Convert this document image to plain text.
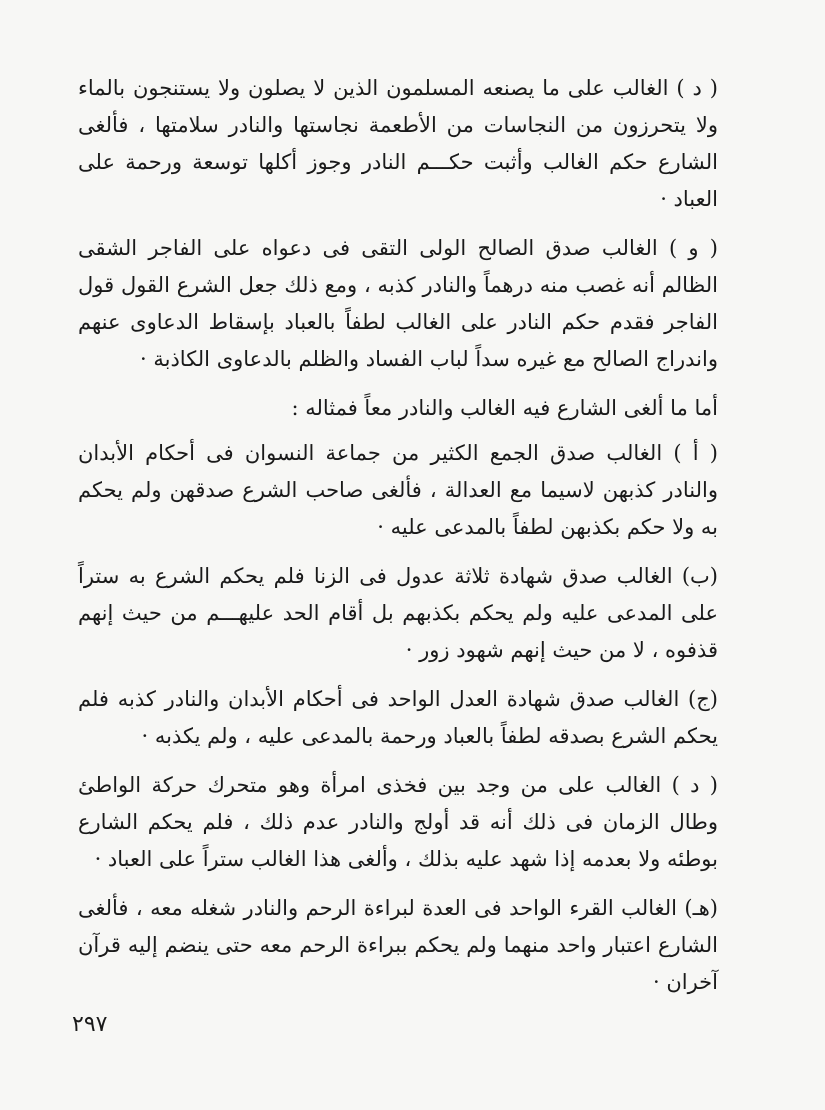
( د ) الغالب على ما يصنعه المسلمون الذين لا يصلون ولا يستنجون بالماء ولا يتحرزون من النجاسات من الأطعمة نجاستها والنادر سلامتها ، فألغى الشارع حكم الغالب وأثبت حكـــم النادر وجوز أكلها توسعة ورحمة على العباد ·

( و ) الغالب صدق الصالح الولى التقى فى دعواه على الفاجر الشقى الظالم أنه غصب منه درهماً والنادر كذبه ، ومع ذلك جعل الشرع القول قول الفاجر فقدم حكم النادر على الغالب لطفاً بالعباد بإسقاط الدعاوى عنهم واندراج الصالح مع غيره سداً لباب الفساد والظلم بالدعاوى الكاذبة ·

أما ما ألغى الشارع فيه الغالب والنادر معاً فمثاله :

( أ ) الغالب صدق الجمع الكثير من جماعة النسوان فى أحكام الأبدان والنادر كذبهن لاسيما مع العدالة ، فألغى صاحب الشرع صدقهن ولم يحكم به ولا حكم بكذبهن لطفاً بالمدعى عليه ·

(ب) الغالب صدق شهادة ثلاثة عدول فى الزنا فلم يحكم الشرع به ستراً على المدعى عليه ولم يحكم بكذبهم بل أقام الحد عليهـــم من حيث إنهم قذفوه ، لا من حيث إنهم شهود زور ·

(ج) الغالب صدق شهادة العدل الواحد فى أحكام الأبدان والنادر كذبه فلم يحكم الشرع بصدقه لطفاً بالعباد ورحمة بالمدعى عليه ، ولم يكذبه ·

( د ) الغالب على من وجد بين فخذى امرأة وهو متحرك حركة الواطئ وطال الزمان فى ذلك أنه قد أولج والنادر عدم ذلك ، فلم يحكم الشارع بوطئه ولا بعدمه إذا شهد عليه بذلك ، وألغى هذا الغالب ستراً على العباد ·

(هـ) الغالب القرء الواحد فى العدة لبراءة الرحم والنادر شغله معه ، فألغى الشارع اعتبار واحد منهما ولم يحكم ببراءة الرحم معه حتى ينضم إليه قرآن آخران ·

٢٩٧
